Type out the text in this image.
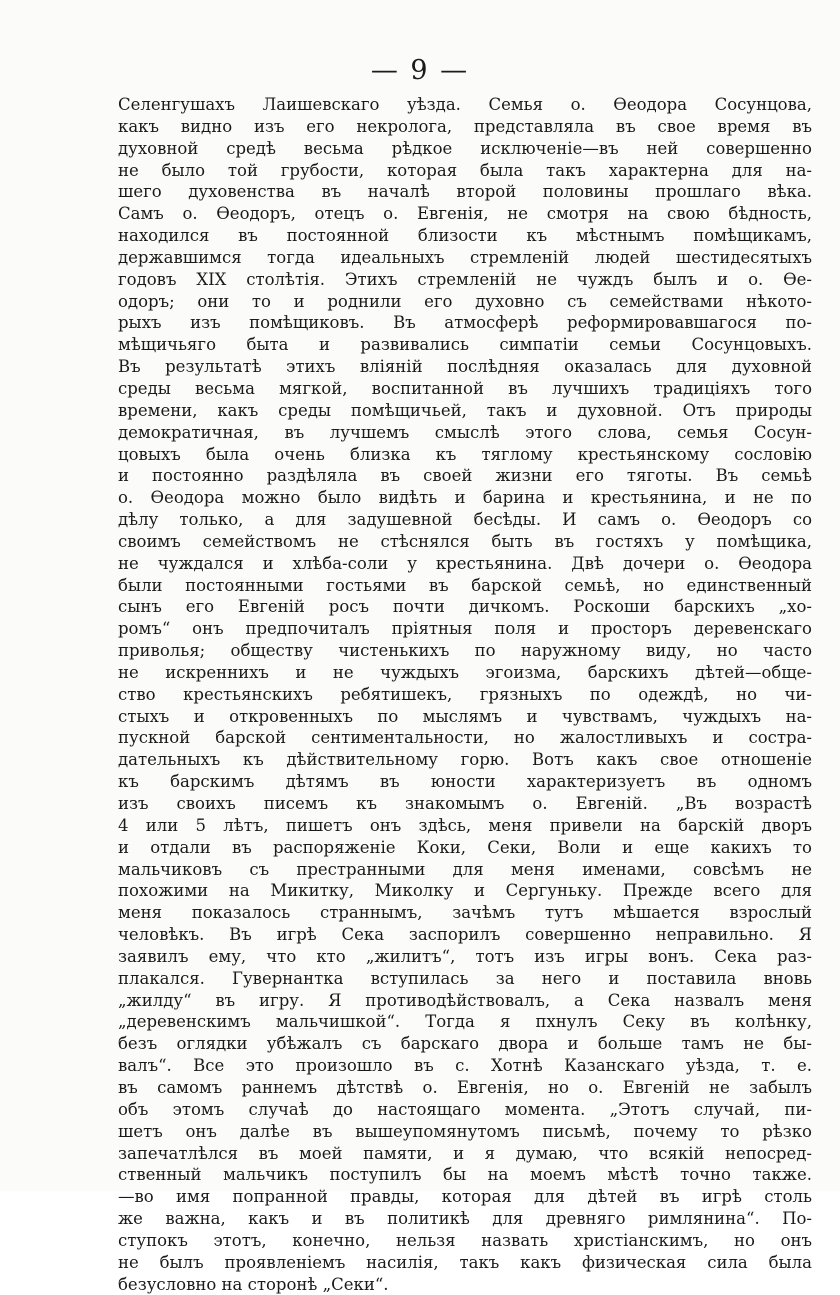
— 9 —
Селенгушахъ Лаишевскаго уѣзда. Семья о. Ѳеодора Сосунцова,
какъ видно изъ его некролога, представляла въ свое время въ
духовной средѣ весьма рѣдкое исключеніе—въ ней совершенно
не было той грубости, которая была такъ характерна для на-
шего духовенства въ началѣ второй половины прошлаго вѣка.
Самъ о. Ѳеодоръ, отецъ о. Евгенія, не смотря на свою бѣдность,
находился въ постоянной близости къ мѣстнымъ помѣщикамъ,
державшимся тогда идеальныхъ стремленій людей шестидесятыхъ
годовъ XIX столѣтія. Этихъ стремленій не чуждъ былъ и о. Ѳе-
одоръ; они то и роднили его духовно съ семействами нѣкото-
рыхъ изъ помѣщиковъ. Въ атмосферѣ реформировавшагося по-
мѣщичьяго быта и развивались симпатіи семьи Сосунцовыхъ.
Въ результатѣ этихъ вліяній послѣдняя оказалась для духовной
среды весьма мягкой, воспитанной въ лучшихъ традиціяхъ того
времени, какъ среды помѣщичьей, такъ и духовной. Отъ природы
демократичная, въ лучшемъ смыслѣ этого слова, семья Сосун-
цовыхъ была очень близка къ тяглому крестьянскому сословію
и постоянно раздѣляла въ своей жизни его тяготы. Въ семьѣ
о. Ѳеодора можно было видѣть и барина и крестьянина, и не по
дѣлу только, а для задушевной бесѣды. И самъ о. Ѳеодоръ со
своимъ семействомъ не стѣснялся быть въ гостяхъ у помѣщика,
не чуждался и хлѣба-соли у крестьянина. Двѣ дочери о. Ѳеодора
были постоянными гостьями въ барской семьѣ, но единственный
сынъ его Евгеній росъ почти дичкомъ. Роскоши барскихъ „хо-
ромъ“ онъ предпочиталъ пріятныя поля и просторъ деревенскаго
приволья; обществу чистенькихъ по наружному виду, но часто
не искреннихъ и не чуждыхъ эгоизма, барскихъ дѣтей—обще-
ство крестьянскихъ ребятишекъ, грязныхъ по одеждѣ, но чи-
стыхъ и откровенныхъ по мыслямъ и чувствамъ, чуждыхъ на-
пускной барской сентиментальности, но жалостливыхъ и состра-
дательныхъ къ дѣйствительному горю. Вотъ какъ свое отношеніе
къ барскимъ дѣтямъ въ юности характеризуетъ въ одномъ
изъ своихъ писемъ къ знакомымъ о. Евгеній. „Въ возрастѣ
4 или 5 лѣтъ, пишетъ онъ здѣсь, меня привели на барскій дворъ
и отдали въ распоряженіе Коки, Секи, Воли и еще какихъ то
мальчиковъ съ престранными для меня именами, совсѣмъ не
похожими на Микитку, Миколку и Сергуньку. Прежде всего для
меня показалось страннымъ, зачѣмъ тутъ мѣшается взрослый
человѣкъ. Въ игрѣ Сека заспорилъ совершенно неправильно. Я
заявилъ ему, что кто „жилитъ“, тотъ изъ игры вонъ. Сека раз-
плакался. Гувернантка вступилась за него и поставила вновь
„жилду“ въ игру. Я противодѣйствовалъ, а Сека назвалъ меня
„деревенскимъ мальчишкой“. Тогда я пхнулъ Секу въ колѣнку,
безъ оглядки убѣжалъ съ барскаго двора и больше тамъ не бы-
валъ“. Все это произошло въ с. Хотнѣ Казанскаго уѣзда, т. е.
въ самомъ раннемъ дѣтствѣ о. Евгенія, но о. Евгеній не забылъ
объ этомъ случаѣ до настоящаго момента. „Этотъ случай, пи-
шетъ онъ далѣе въ вышеупомянутомъ письмѣ, почему то рѣзко
запечатлѣлся въ моей памяти, и я думаю, что всякій непосред-
ственный мальчикъ поступилъ бы на моемъ мѣстѣ точно также.
—во имя попранной правды, которая для дѣтей въ игрѣ столь
же важна, какъ и въ политикѣ для древняго римлянина“. По-
ступокъ этотъ, конечно, нельзя назвать христіанскимъ, но онъ
не былъ проявленіемъ насилія, такъ какъ физическая сила была
безусловно на сторонѣ „Секи“.
